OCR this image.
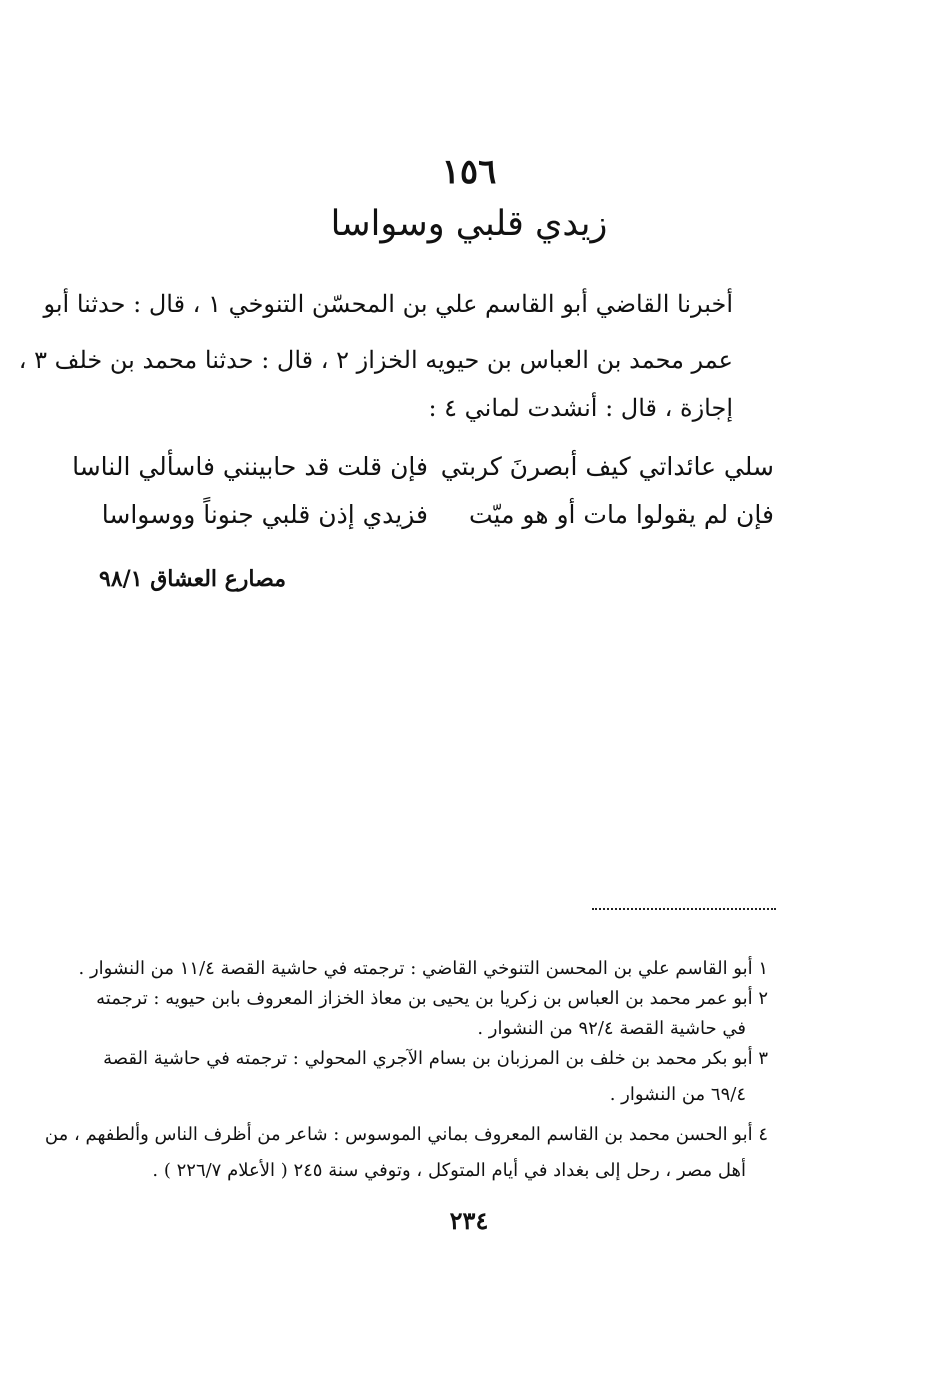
١٥٦
زيدي قلبي وسواسا
أخبرنا القاضي أبو القاسم علي بن المحسّن التنوخي ١ ، قال : حدثنا أبو
عمر محمد بن العباس بن حيويه الخزاز ٢ ، قال : حدثنا محمد بن خلف ٣ ،
إجازة ، قال : أنشدت لماني ٤ :
سلي عائداتي كيف أبصرنَ كربتي
فإن قلت قد حابينني فاسألي الناسا
فإن لم يقولوا مات أو هو ميّت
فزيدي إذن قلبي جنوناً ووسواسا
مصارع العشاق ٩٨/١
١ أبو القاسم علي بن المحسن التنوخي القاضي : ترجمته في حاشية القصة ١١/٤ من النشوار .
٢ أبو عمر محمد بن العباس بن زكريا بن يحيى بن معاذ الخزاز المعروف بابن حيويه : ترجمته
في حاشية القصة ٩٢/٤ من النشوار .
٣ أبو بكر محمد بن خلف بن المرزبان بن بسام الآجري المحولي : ترجمته في حاشية القصة
٦٩/٤ من النشوار .
٤ أبو الحسن محمد بن القاسم المعروف بماني الموسوس : شاعر من أظرف الناس وألطفهم ، من
أهل مصر ، رحل إلى بغداد في أيام المتوكل ، وتوفي سنة ٢٤٥ ( الأعلام ٢٢٦/٧ ) .
٢٣٤
